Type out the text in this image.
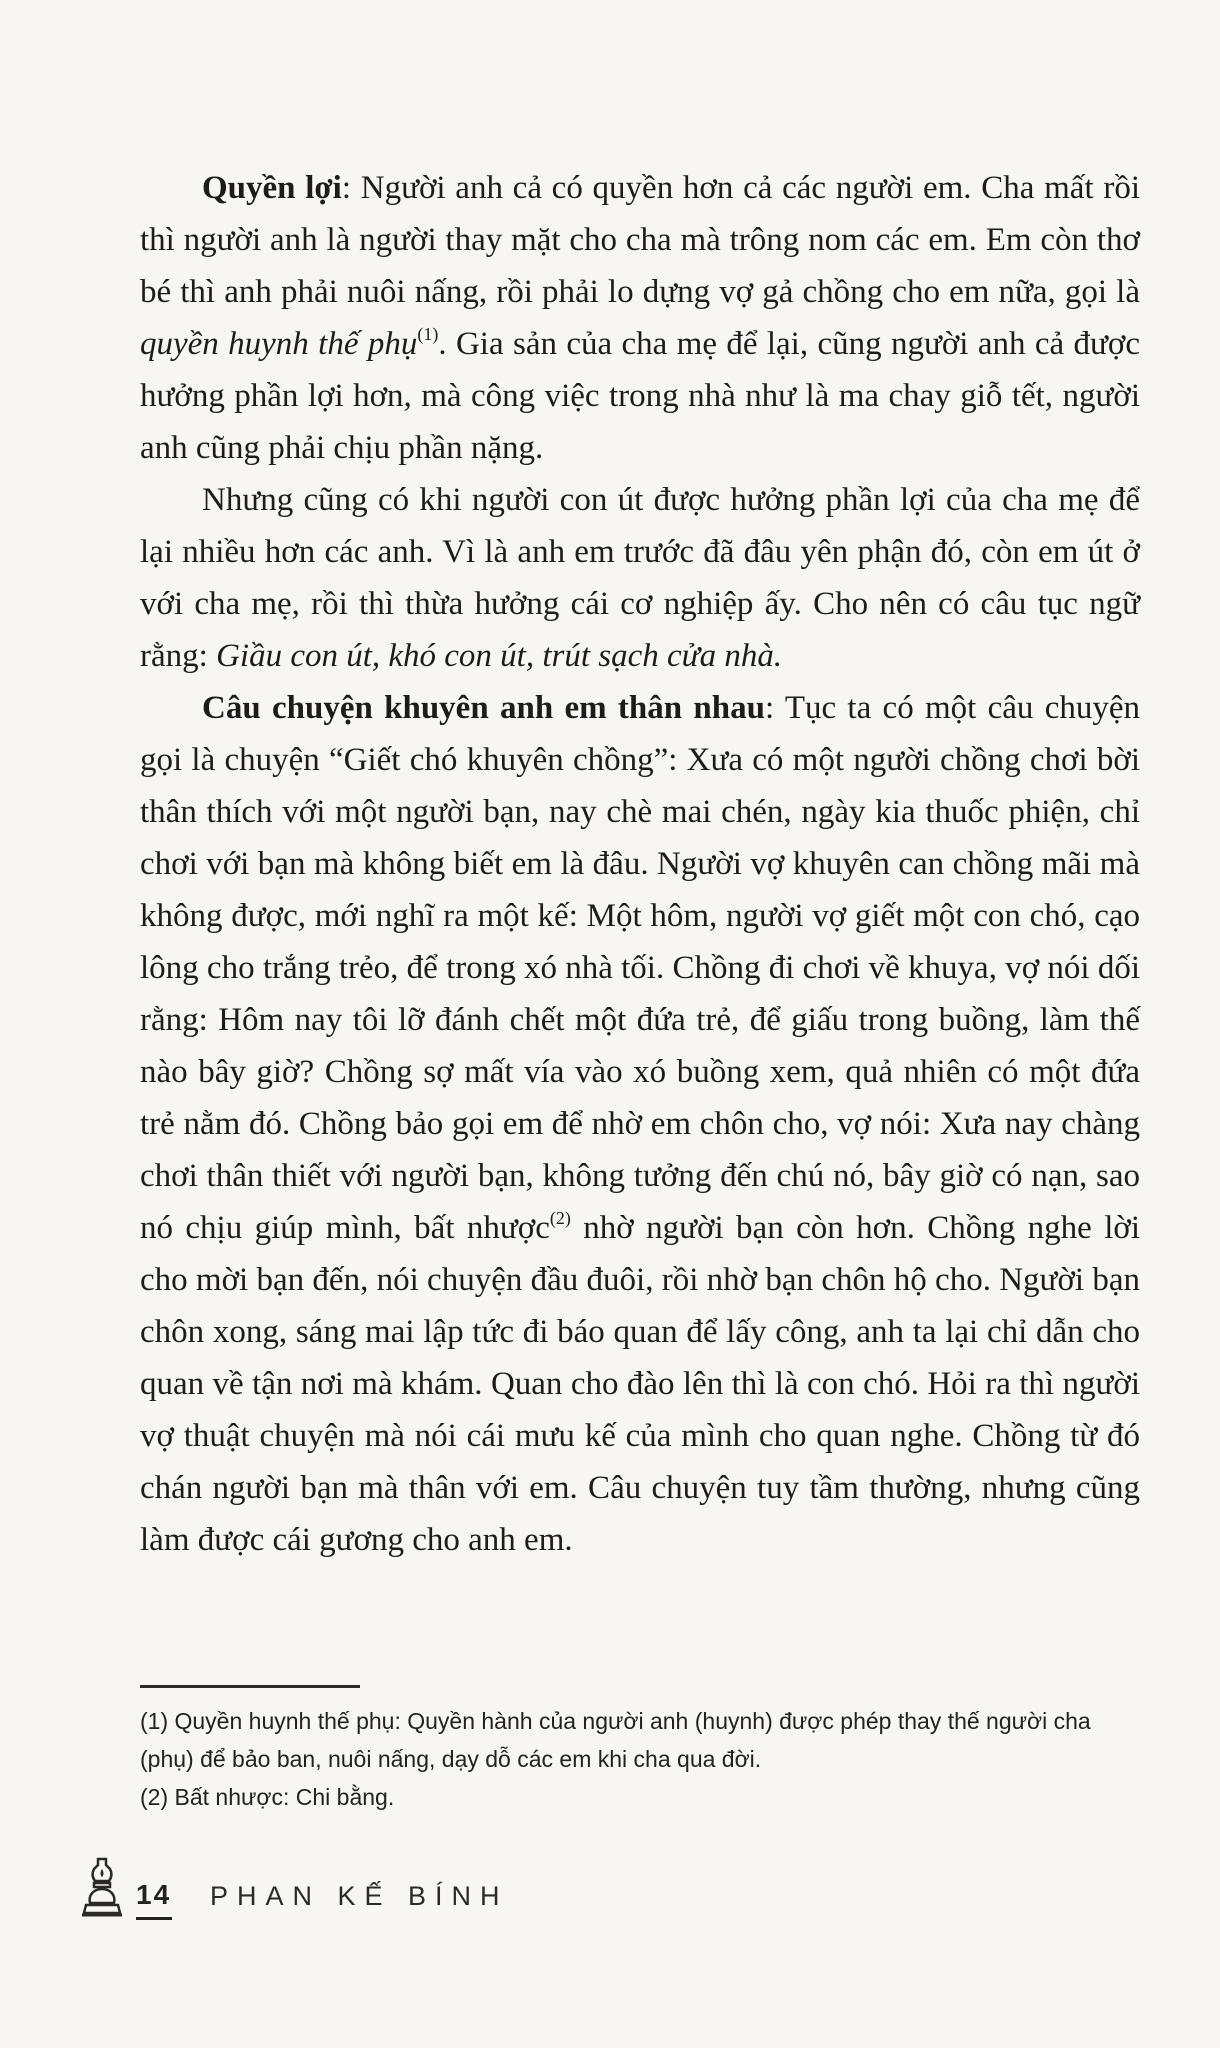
Quyền lợi: Người anh cả có quyền hơn cả các người em. Cha mất rồi thì người anh là người thay mặt cho cha mà trông nom các em. Em còn thơ bé thì anh phải nuôi nấng, rồi phải lo dựng vợ gả chồng cho em nữa, gọi là quyền huynh thế phụ$^{(1)}$. Gia sản của cha mẹ để lại, cũng người anh cả được hưởng phần lợi hơn, mà công việc trong nhà như là ma chay giỗ tết, người anh cũng phải chịu phần nặng.

Nhưng cũng có khi người con út được hưởng phần lợi của cha mẹ để lại nhiều hơn các anh. Vì là anh em trước đã đâu yên phận đó, còn em út ở với cha mẹ, rồi thì thừa hưởng cái cơ nghiệp ấy. Cho nên có câu tục ngữ rằng: Giầu con út, khó con út, trút sạch cửa nhà.

Câu chuyện khuyên anh em thân nhau: Tục ta có một câu chuyện gọi là chuyện “Giết chó khuyên chồng”: Xưa có một người chồng chơi bời thân thích với một người bạn, nay chè mai chén, ngày kia thuốc phiện, chỉ chơi với bạn mà không biết em là đâu. Người vợ khuyên can chồng mãi mà không được, mới nghĩ ra một kế: Một hôm, người vợ giết một con chó, cạo lông cho trắng trẻo, để trong xó nhà tối. Chồng đi chơi về khuya, vợ nói dối rằng: Hôm nay tôi lỡ đánh chết một đứa trẻ, để giấu trong buồng, làm thế nào bây giờ? Chồng sợ mất vía vào xó buồng xem, quả nhiên có một đứa trẻ nằm đó. Chồng bảo gọi em để nhờ em chôn cho, vợ nói: Xưa nay chàng chơi thân thiết với người bạn, không tưởng đến chú nó, bây giờ có nạn, sao nó chịu giúp mình, bất nhược$^{(2)}$ nhờ người bạn còn hơn. Chồng nghe lời cho mời bạn đến, nói chuyện đầu đuôi, rồi nhờ bạn chôn hộ cho. Người bạn chôn xong, sáng mai lập tức đi báo quan để lấy công, anh ta lại chỉ dẫn cho quan về tận nơi mà khám. Quan cho đào lên thì là con chó. Hỏi ra thì người vợ thuật chuyện mà nói cái mưu kế của mình cho quan nghe. Chồng từ đó chán người bạn mà thân với em. Câu chuyện tuy tầm thường, nhưng cũng làm được cái gương cho anh em.

(1) Quyền huynh thế phụ: Quyền hành của người anh (huynh) được phép thay thế người cha (phụ) để bảo ban, nuôi nấng, dạy dỗ các em khi cha qua đời.

(2) Bất nhược: Chi bằng.

14 PHAN KẾ BÍNH
